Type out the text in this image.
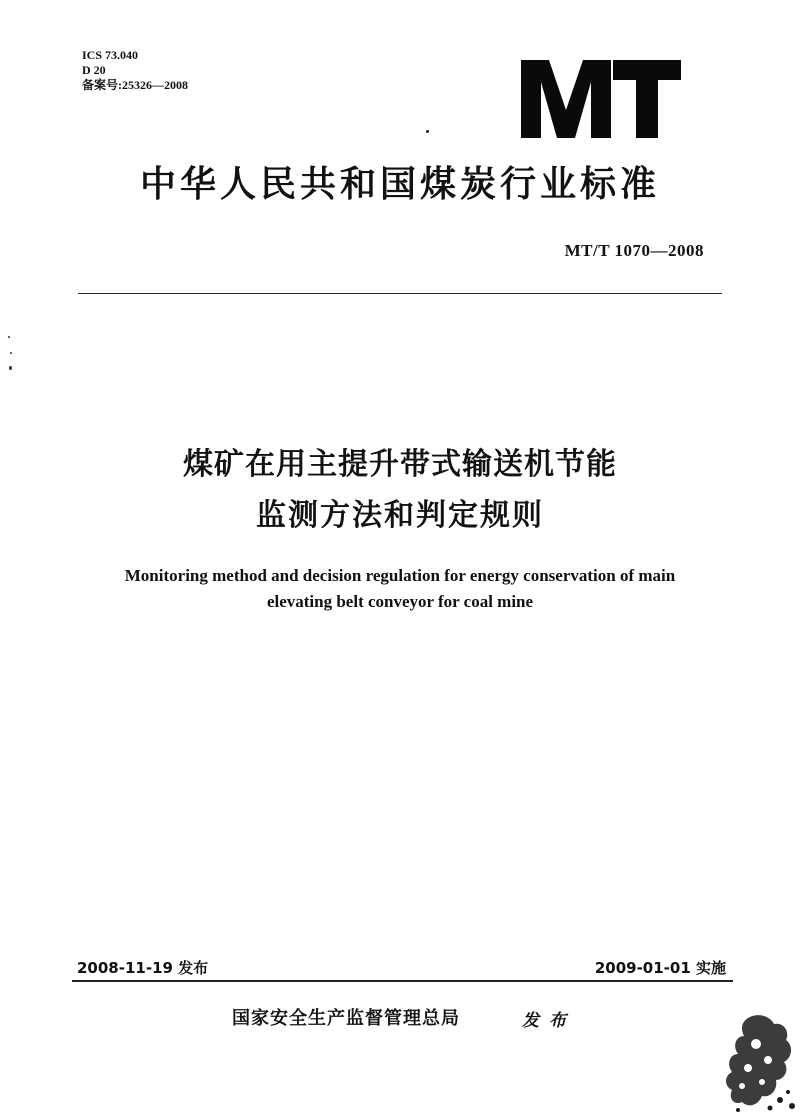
ICS 73.040
D 20
备案号:25326—2008
中华人民共和国煤炭行业标准
MT/T 1070—2008
煤矿在用主提升带式输送机节能
监测方法和判定规则
Monitoring method and decision regulation for energy conservation of main
elevating belt conveyor for coal mine
2008-11-19 发布	2009-01-01 实施
国家安全生产监督管理总局	发布
